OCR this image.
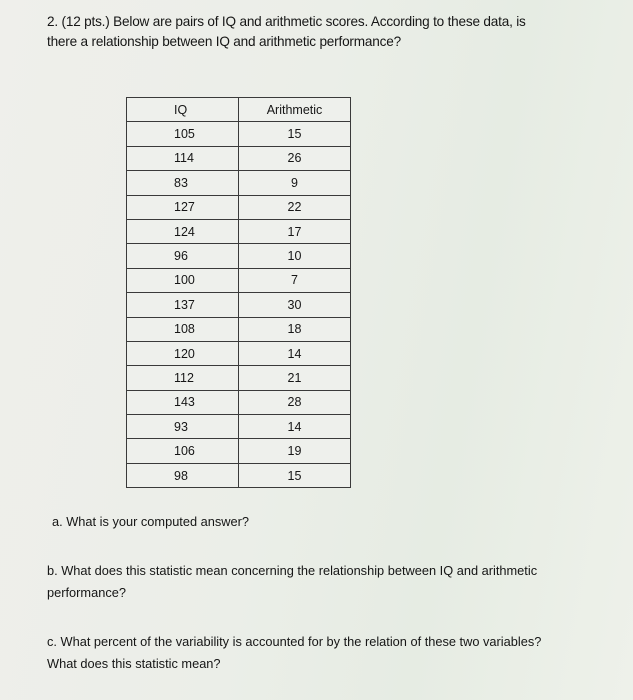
2. (12 pts.) Below are pairs of IQ and arithmetic scores. According to these data, is
there a relationship between IQ and arithmetic performance?
IQ	Arithmetic
105	15
114	26
83	9
127	22
124	17
96	10
100	7
137	30
108	18
120	14
112	21
143	28
93	14
106	19
98	15
a. What is your computed answer?
b. What does this statistic mean concerning the relationship between IQ and arithmetic
performance?
c. What percent of the variability is accounted for by the relation of these two variables?
What does this statistic mean?
